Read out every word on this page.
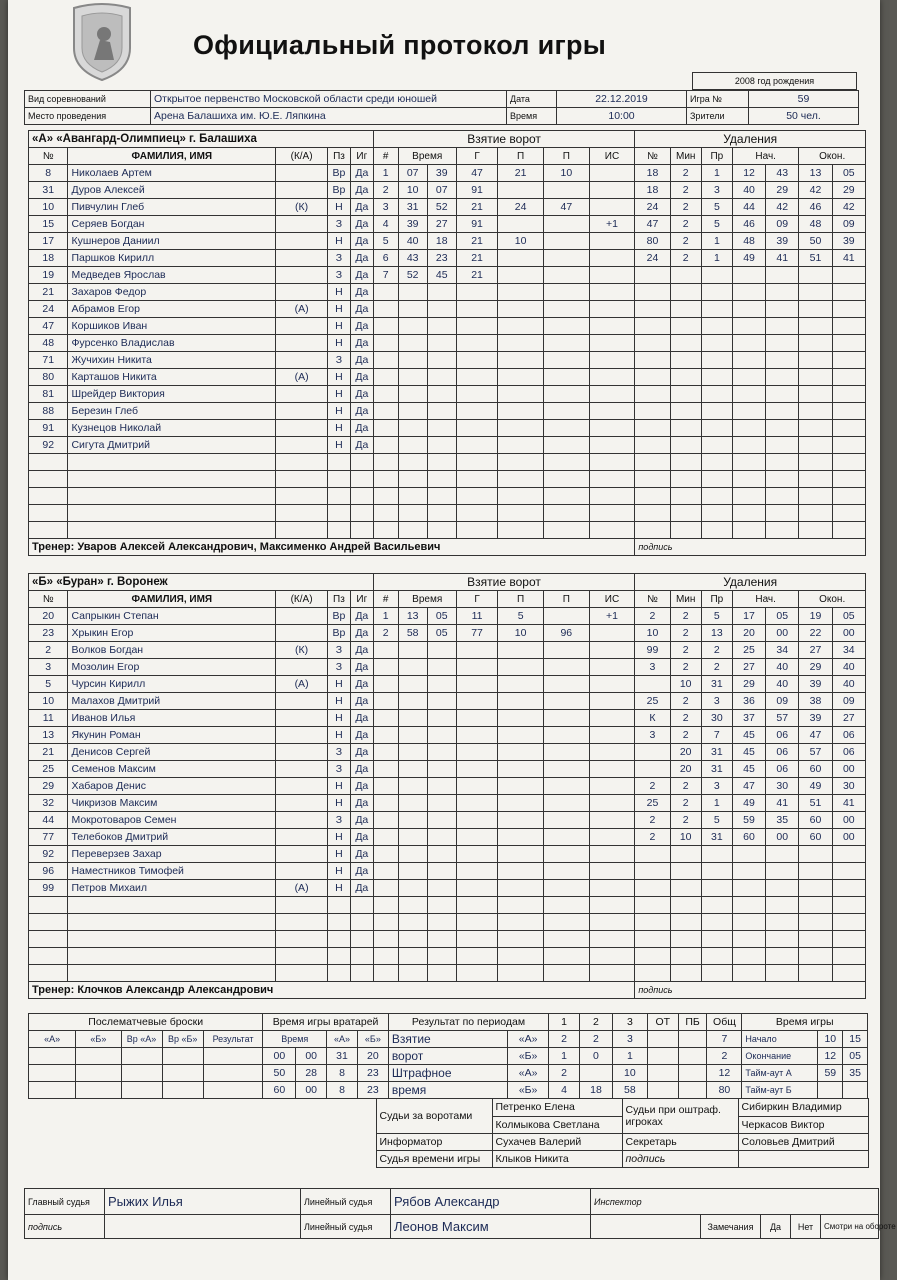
Официальный протокол игры
2008 год рождения
Вид соревнований	Открытое первенство Московской области среди юношей	Дата	22.12.2019	Игра №	59
Место проведения	Арена Балашиха им. Ю.Е. Ляпкина	Время	10:00	Зрители	50 чел.
«А» «Авангард-Олимпиец» г. Балашиха					Взятие ворот							Удаления						
№	ФАМИЛИЯ, ИМЯ	(К/А)	Пз	Иг	#	Время		Г	П	П	ИС	№	Мин	Пр	Нач.		Окон.	
8	Николаев Артем		Вр	Да	1	07	39	47	21	10		18	2	1	12	43	13	05
31	Дуров Алексей		Вр	Да	2	10	07	91				18	2	3	40	29	42	29
10	Пивчулин Глеб	(К)	Н	Да	3	31	52	21	24	47		24	2	5	44	42	46	42
15	Серяев Богдан		З	Да	4	39	27	91			+1	47	2	5	46	09	48	09
17	Кушнеров Даниил		Н	Да	5	40	18	21	10			80	2	1	48	39	50	39
18	Паршков Кирилл		З	Да	6	43	23	21				24	2	1	49	41	51	41
19	Медведев Ярослав		З	Да	7	52	45	21										
21	Захаров Федор		Н	Да														
24	Абрамов Егор	(А)	Н	Да														
47	Коршиков Иван		Н	Да														
48	Фурсенко Владислав		Н	Да														
71	Жучихин Никита		З	Да														
80	Карташов Никита	(А)	Н	Да														
81	Шрейдер Виктория		Н	Да														
88	Березин Глеб		Н	Да														
91	Кузнецов Николай		Н	Да														
92	Сигута Дмитрий		Н	Да														

Тренер: Уваров Алексей Александрович, Максименко Андрей Васильевич												подпись						
«Б» «Буран» г. Воронеж					Взятие ворот							Удаления						
№	ФАМИЛИЯ, ИМЯ	(К/А)	Пз	Иг	#	Время		Г	П	П	ИС	№	Мин	Пр	Нач.		Окон.	
20	Сапрыкин Степан		Вр	Да	1	13	05	11	5		+1	2	2	5	17	05	19	05
23	Хрыкин Егор		Вр	Да	2	58	05	77	10	96		10	2	13	20	00	22	00
2	Волков Богдан	(К)	З	Да								99	2	2	25	34	27	34
3	Мозолин Егор		З	Да								3	2	2	27	40	29	40
5	Чурсин Кирилл	(А)	Н	Да									10	31	29	40	39	40
10	Малахов Дмитрий		Н	Да								25	2	3	36	09	38	09
11	Иванов Илья		Н	Да								К	2	30	37	57	39	27
13	Якунин Роман		Н	Да								3	2	7	45	06	47	06
21	Денисов Сергей		З	Да									20	31	45	06	57	06
25	Семенов Максим		З	Да									20	31	45	06	60	00
29	Хабаров Денис		Н	Да								2	2	3	47	30	49	30
32	Чикризов Максим		Н	Да								25	2	1	49	41	51	41
44	Мокротоваров Семен		З	Да								2	2	5	59	35	60	00
77	Телебоков Дмитрий		Н	Да								2	10	31	60	00	60	00
92	Переверзев Захар		Н	Да														
96	Наместников Тимофей		Н	Да														
99	Петров Михаил	(А)	Н	Да														

Тренер: Клочков Александр Александрович												подпись						
Послематчевые броски					Время игры вратарей				Результат по периодам		1	2	3	ОТ	ПБ	Общ	Время игры		
«А»	«Б»	Вр «А»	Вр «Б»	Результат	Время		«А»	«Б»	Взятие	«А»	2	2	3			7	Начало	10	15
					00	00	31	20	ворот	«Б»	1	0	1			2	Окончание	12	05
					50	28	8	23	Штрафное	«А»	2		10			12	Тайм-аут А	59	35
					60	00	8	23	время	«Б»	4	18	58			80	Тайм-аут Б		
	Судьи за воротами	Петренко Елена	Судьи при оштраф. игроках	Сибиркин Владимир
		Колмыкова Светлана		Черкасов Виктор
	Информатор	Сухачев Валерий	Секретарь	Соловьев Дмитрий
	Судья времени игры	Клыков Никита	подпись	
Главный судья	Рыжих Илья	Линейный судья	Рябов Александр	Инспектор				
подпись		Линейный судья	Леонов Максим		Замечания	Да	Нет	Смотри на обороте
